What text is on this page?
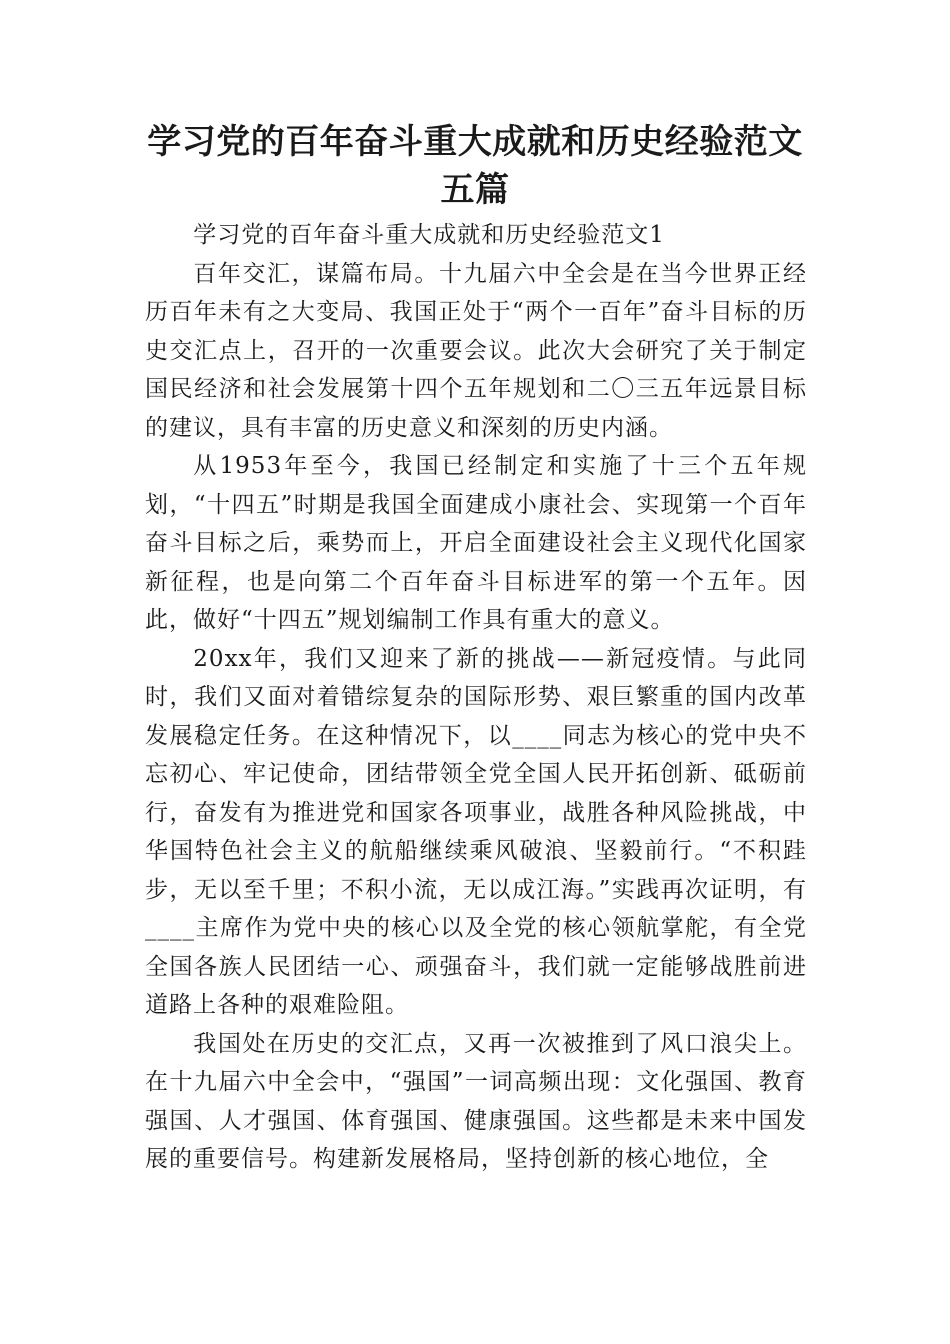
学习党的百年奋斗重大成就和历史经验范文五篇

学习党的百年奋斗重大成就和历史经验范文1

百年交汇，谋篇布局。十九届六中全会是在当今世界正经历百年未有之大变局、我国正处于“两个一百年”奋斗目标的历史交汇点上，召开的一次重要会议。此次大会研究了关于制定国民经济和社会发展第十四个五年规划和二〇三五年远景目标的建议，具有丰富的历史意义和深刻的历史内涵。

从1953年至今，我国已经制定和实施了十三个五年规划，“十四五”时期是我国全面建成小康社会、实现第一个百年奋斗目标之后，乘势而上，开启全面建设社会主义现代化国家新征程，也是向第二个百年奋斗目标进军的第一个五年。因此，做好“十四五”规划编制工作具有重大的意义。

20xx年，我们又迎来了新的挑战——新冠疫情。与此同时，我们又面对着错综复杂的国际形势、艰巨繁重的国内改革发展稳定任务。在这种情况下，以____同志为核心的党中央不忘初心、牢记使命，团结带领全党全国人民开拓创新、砥砺前行，奋发有为推进党和国家各项事业，战胜各种风险挑战，中华国特色社会主义的航船继续乘风破浪、坚毅前行。“不积跬步，无以至千里；不积小流，无以成江海。”实践再次证明，有____主席作为党中央的核心以及全党的核心领航掌舵，有全党全国各族人民团结一心、顽强奋斗，我们就一定能够战胜前进道路上各种的艰难险阻。

我国处在历史的交汇点，又再一次被推到了风口浪尖上。在十九届六中全会中，“强国”一词高频出现：文化强国、教育强国、人才强国、体育强国、健康强国。这些都是未来中国发展的重要信号。构建新发展格局，坚持创新的核心地位，全
